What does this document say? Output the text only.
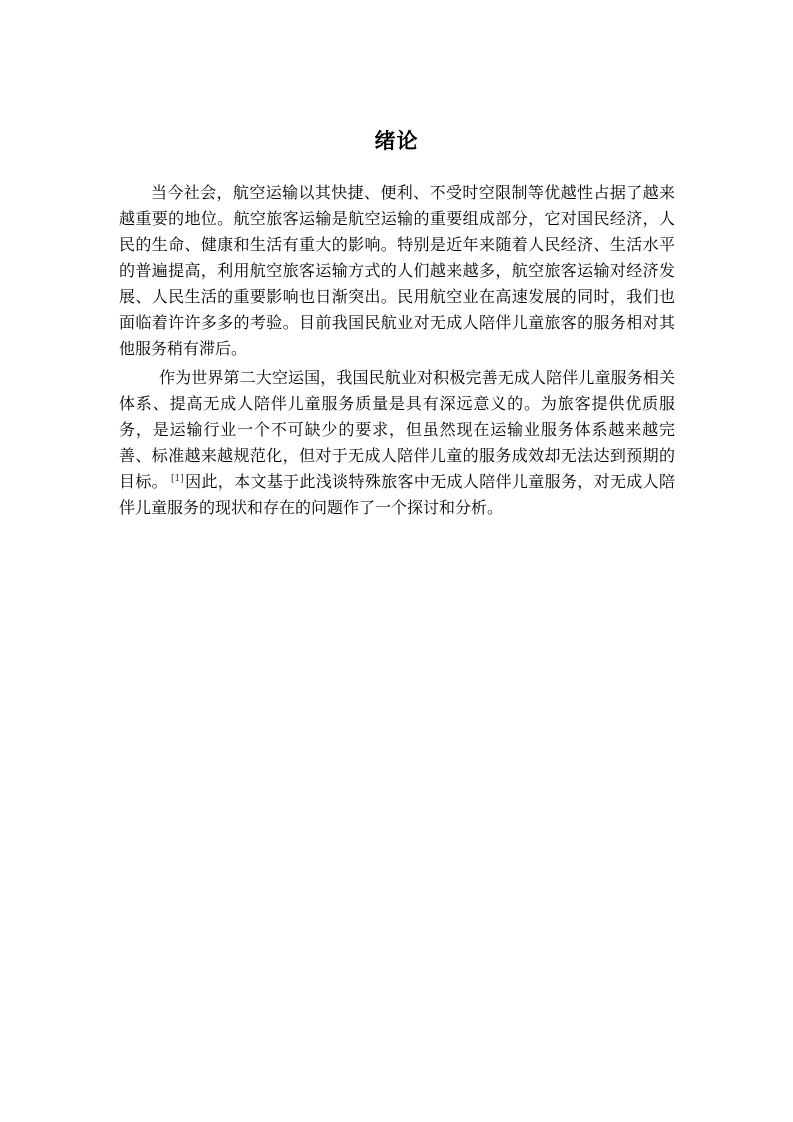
绪论

当今社会，航空运输以其快捷、便利、不受时空限制等优越性占据了越来越重要的地位。航空旅客运输是航空运输的重要组成部分，它对国民经济，人民的生命、健康和生活有重大的影响。特别是近年来随着人民经济、生活水平的普遍提高，利用航空旅客运输方式的人们越来越多，航空旅客运输对经济发展、人民生活的重要影响也日渐突出。民用航空业在高速发展的同时，我们也面临着许许多多的考验。目前我国民航业对无成人陪伴儿童旅客的服务相对其他服务稍有滞后。

作为世界第二大空运国，我国民航业对积极完善无成人陪伴儿童服务相关体系、提高无成人陪伴儿童服务质量是具有深远意义的。为旅客提供优质服务，是运输行业一个不可缺少的要求，但虽然现在运输业服务体系越来越完善、标准越来越规范化，但对于无成人陪伴儿童的服务成效却无法达到预期的目标。 [1]因此，本文基于此浅谈特殊旅客中无成人陪伴儿童服务，对无成人陪伴儿童服务的现状和存在的问题作了一个探讨和分析。
